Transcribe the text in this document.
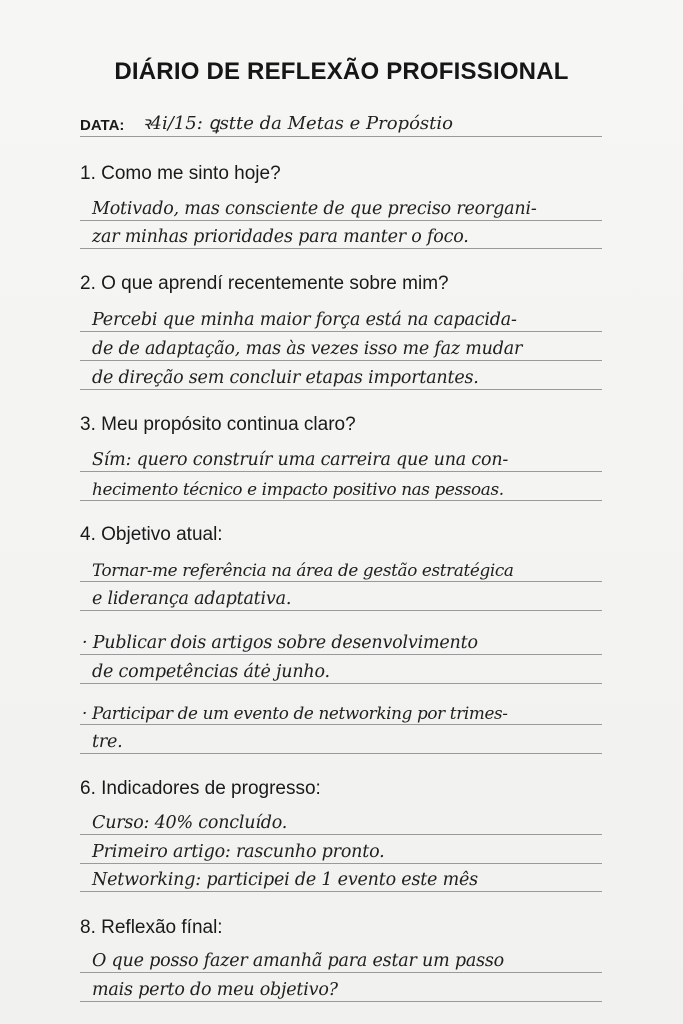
DIÁRIO DE REFLEXÃO PROFISSIONAL
DATA: ꝛ4i/15: ꝗstte da Metas e Propóstio
1. Como me sinto hoje?
Motivado, mas consciente de que preciso reorgani-
zar minhas prioridades para manter o foco.
2. O que aprendí recentemente sobre mim?
Percebi que minha maior força está na capacida-
de de adaptação, mas às vezes isso me faz mudar
de direção sem concluir etapas importantes.
3. Meu propósito continua claro?
Sím: quero construír uma carreira que una con-
hecimento técnico e impacto positivo nas pessoas.
4. Objetivo atual:
Tornar-me referência na área de gestão estratégica
e liderança adaptativa.
· Publicar dois artigos sobre desenvolvimento
de competências átė junho.
· Participar de um evento de networking por trimes-
tre.
6. Indicadores de progresso:
Curso: 40% concluído.
Primeiro artigo: rascunho pronto.
Networking: participei de 1 evento este mês
8. Reflexão fínal:
O que posso fazer amanhã para estar um passo
mais perto do meu objetivo?
